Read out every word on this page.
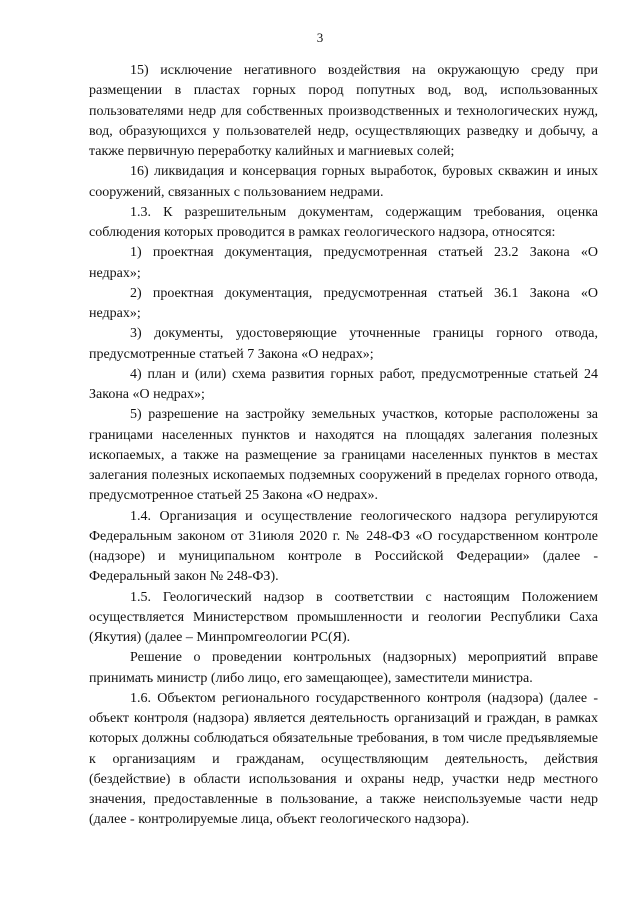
3

15) исключение негативного воздействия на окружающую среду при размещении в пластах горных пород попутных вод, вод, использованных пользователями недр для собственных производственных и технологических нужд, вод, образующихся у пользователей недр, осуществляющих разведку и добычу, а также первичную переработку калийных и магниевых солей;

16) ликвидация и консервация горных выработок, буровых скважин и иных сооружений, связанных с пользованием недрами.

1.3. К разрешительным документам, содержащим требования, оценка соблюдения которых проводится в рамках геологического надзора, относятся:

1) проектная документация, предусмотренная статьей 23.2 Закона «О недрах»;

2) проектная документация, предусмотренная статьей 36.1 Закона «О недрах»;

3) документы, удостоверяющие уточненные границы горного отвода, предусмотренные статьей 7 Закона «О недрах»;

4) план и (или) схема развития горных работ, предусмотренные статьей 24 Закона «О недрах»;

5) разрешение на застройку земельных участков, которые расположены за границами населенных пунктов и находятся на площадях залегания полезных ископаемых, а также на размещение за границами населенных пунктов в местах залегания полезных ископаемых подземных сооружений в пределах горного отвода, предусмотренное статьей 25 Закона «О недрах».

1.4. Организация и осуществление геологического надзора регулируются Федеральным законом от 31июля 2020 г. № 248-ФЗ «О государственном контроле (надзоре) и муниципальном контроле в Российской Федерации» (далее - Федеральный закон № 248-ФЗ).

1.5. Геологический надзор в соответствии с настоящим Положением осуществляется Министерством промышленности и геологии Республики Саха (Якутия) (далее – Минпромгеологии РС(Я).

Решение о проведении контрольных (надзорных) мероприятий вправе принимать министр (либо лицо, его замещающее), заместители министра.

1.6. Объектом регионального государственного контроля (надзора) (далее - объект контроля (надзора) является деятельность организаций и граждан, в рамках которых должны соблюдаться обязательные требования, в том числе предъявляемые к организациям и гражданам, осуществляющим деятельность, действия (бездействие) в области использования и охраны недр, участки недр местного значения, предоставленные в пользование, а также неиспользуемые части недр (далее - контролируемые лица, объект геологического надзора).
